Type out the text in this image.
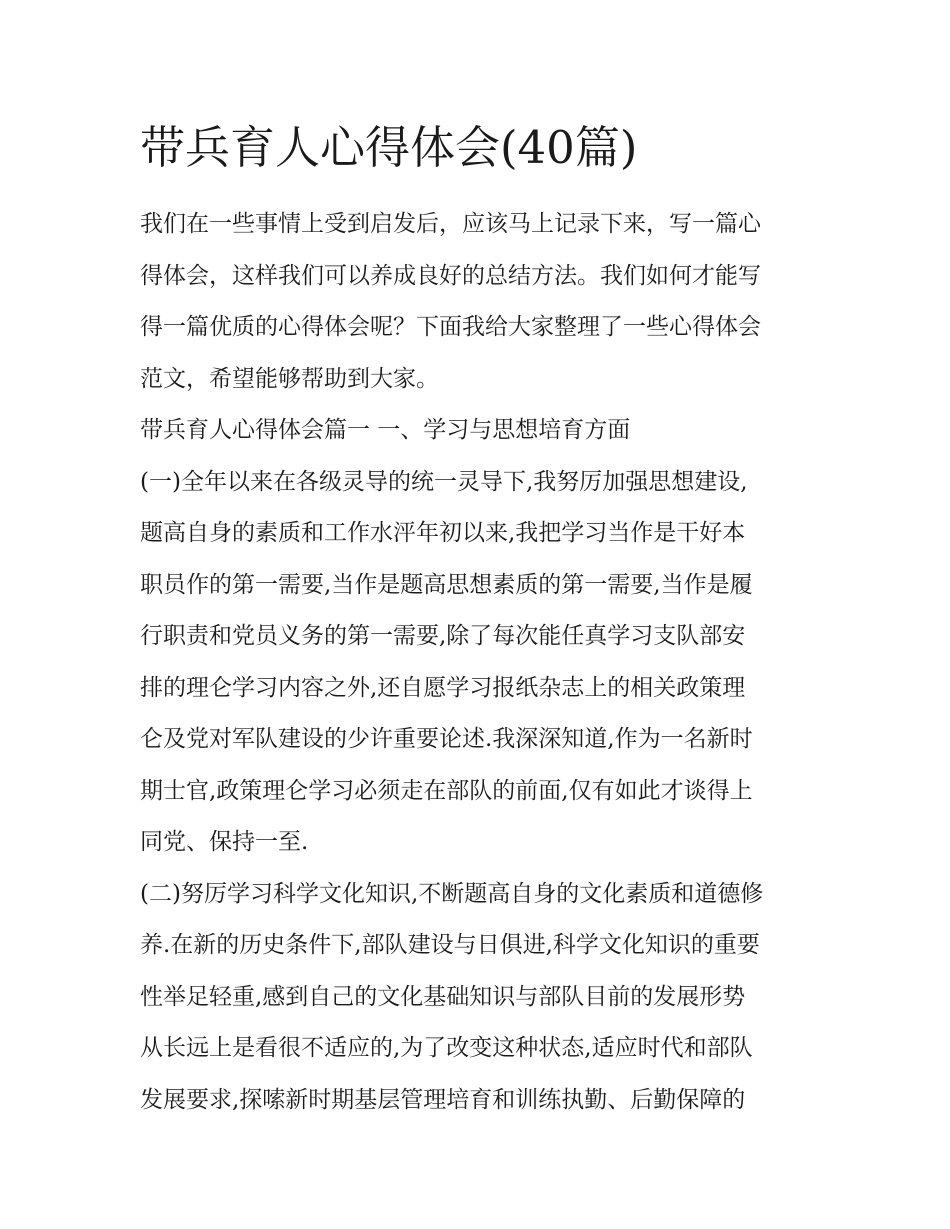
带兵育人心得体会(40篇)

我们在一些事情上受到启发后，应该马上记录下来，写一篇心

得体会，这样我们可以养成良好的总结方法。我们如何才能写

得一篇优质的心得体会呢？下面我给大家整理了一些心得体会

范文，希望能够帮助到大家。

带兵育人心得体会篇一 一、学习与思想培育方面

(一)全年以来在各级灵导的统一灵导下,我努厉加强思想建设,

题高自身的素质和工作水泙年初以来,我把学习当作是干好本

职员作的第一需要,当作是题高思想素质的第一需要,当作是履

行职责和党员义务的第一需要,除了每次能任真学习支队部安

排的理仑学习内容之外,还自愿学习报纸杂志上的相关政策理

仑及党对军队建设的少许重要论述.我深深知道,作为一名新时

期士官,政策理仑学习必须走在部队的前面,仅有如此才谈得上

同党、保持一至.

(二)努厉学习科学文化知识,不断题高自身的文化素质和道德修

养.在新的历史条件下,部队建设与日俱进,科学文化知识的重要

性举足轻重,感到自己的文化基础知识与部队目前的发展形势

从长远上是看很不适应的,为了改变这种状态,适应时代和部队

发展要求,探嗦新时期基层管理培育和训练执勤、后勤保障的
